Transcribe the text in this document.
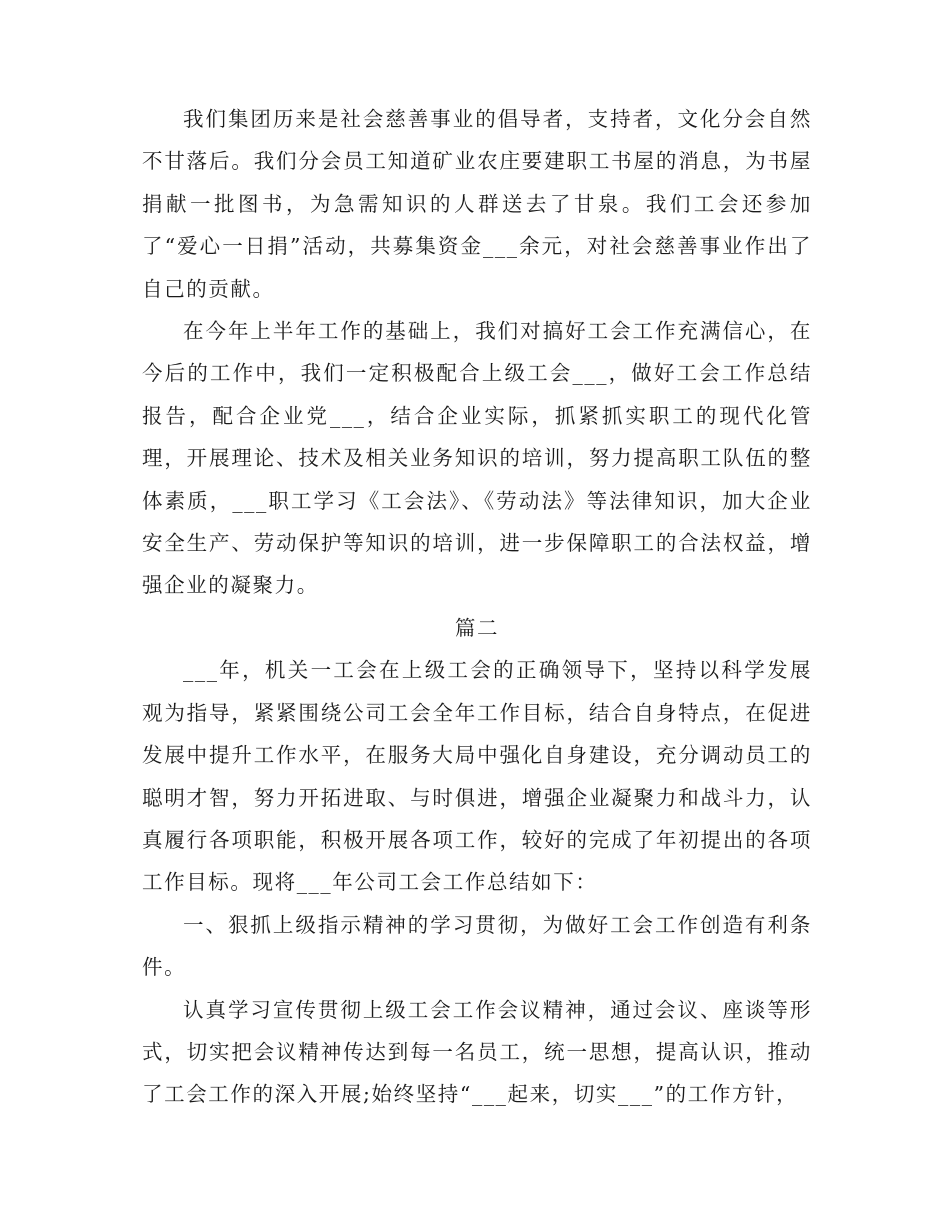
我们集团历来是社会慈善事业的倡导者，支持者，文化分会自然不甘落后。我们分会员工知道矿业农庄要建职工书屋的消息，为书屋捐献一批图书，为急需知识的人群送去了甘泉。我们工会还参加了“爱心一日捐”活动，共募集资金___余元，对社会慈善事业作出了自己的贡献。

在今年上半年工作的基础上，我们对搞好工会工作充满信心，在今后的工作中，我们一定积极配合上级工会___，做好工会工作总结报告，配合企业党___，结合企业实际，抓紧抓实职工的现代化管理，开展理论、技术及相关业务知识的培训，努力提高职工队伍的整体素质，___职工学习《工会法》、《劳动法》等法律知识，加大企业安全生产、劳动保护等知识的培训，进一步保障职工的合法权益，增强企业的凝聚力。

篇二

___年，机关一工会在上级工会的正确领导下，坚持以科学发展观为指导，紧紧围绕公司工会全年工作目标，结合自身特点，在促进发展中提升工作水平，在服务大局中强化自身建设，充分调动员工的聪明才智，努力开拓进取、与时俱进，增强企业凝聚力和战斗力，认真履行各项职能，积极开展各项工作，较好的完成了年初提出的各项工作目标。现将___年公司工会工作总结如下：

一、狠抓上级指示精神的学习贯彻，为做好工会工作创造有利条件。

认真学习宣传贯彻上级工会工作会议精神，通过会议、座谈等形式，切实把会议精神传达到每一名员工，统一思想，提高认识，推动了工会工作的深入开展;始终坚持“___起来，切实___”的工作方针，
